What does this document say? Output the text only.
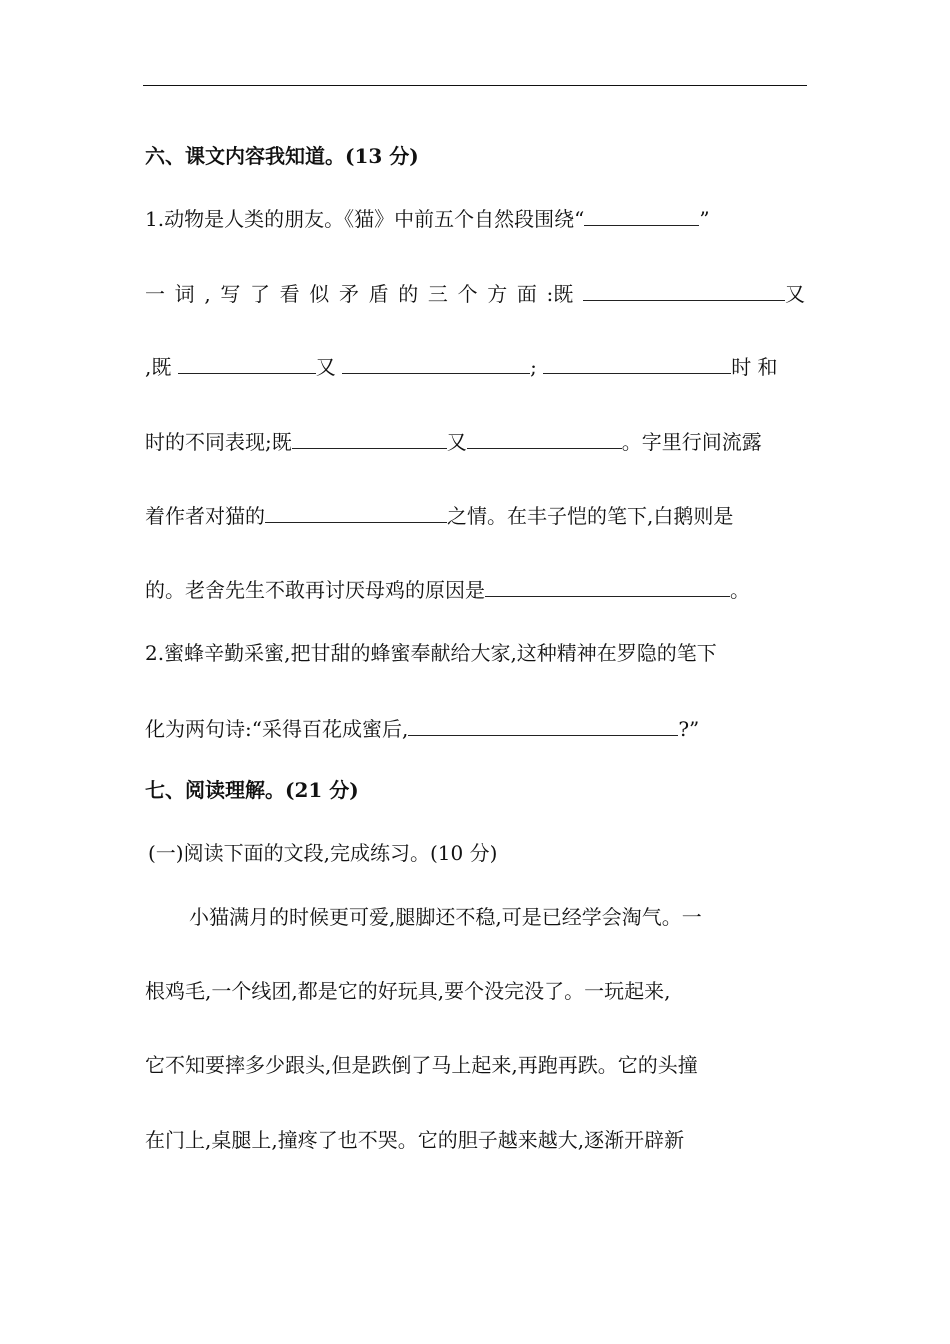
六、课文内容我知道。(13 分)
1.动物是人类的朋友。《猫》中前五个自然段围绕“	”
一 词 , 写 了 看 似 矛 盾 的 三 个 方 面 :既	又
,既	又	;	时 和
时的不同表现;既	又	。字里行间流露
着作者对猫的	之情。在丰子恺的笔下,白鹅则是
的。老舍先生不敢再讨厌母鸡的原因是	。
2.蜜蜂辛勤采蜜,把甘甜的蜂蜜奉献给大家,这种精神在罗隐的笔下
化为两句诗:“采得百花成蜜后,	?”
七、阅读理解。(21 分)
(一)阅读下面的文段,完成练习。(10 分)
小猫满月的时候更可爱,腿脚还不稳,可是已经学会淘气。一
根鸡毛,一个线团,都是它的好玩具,要个没完没了。一玩起来,
它不知要摔多少跟头,但是跌倒了马上起来,再跑再跌。它的头撞
在门上,桌腿上,撞疼了也不哭。它的胆子越来越大,逐渐开辟新
